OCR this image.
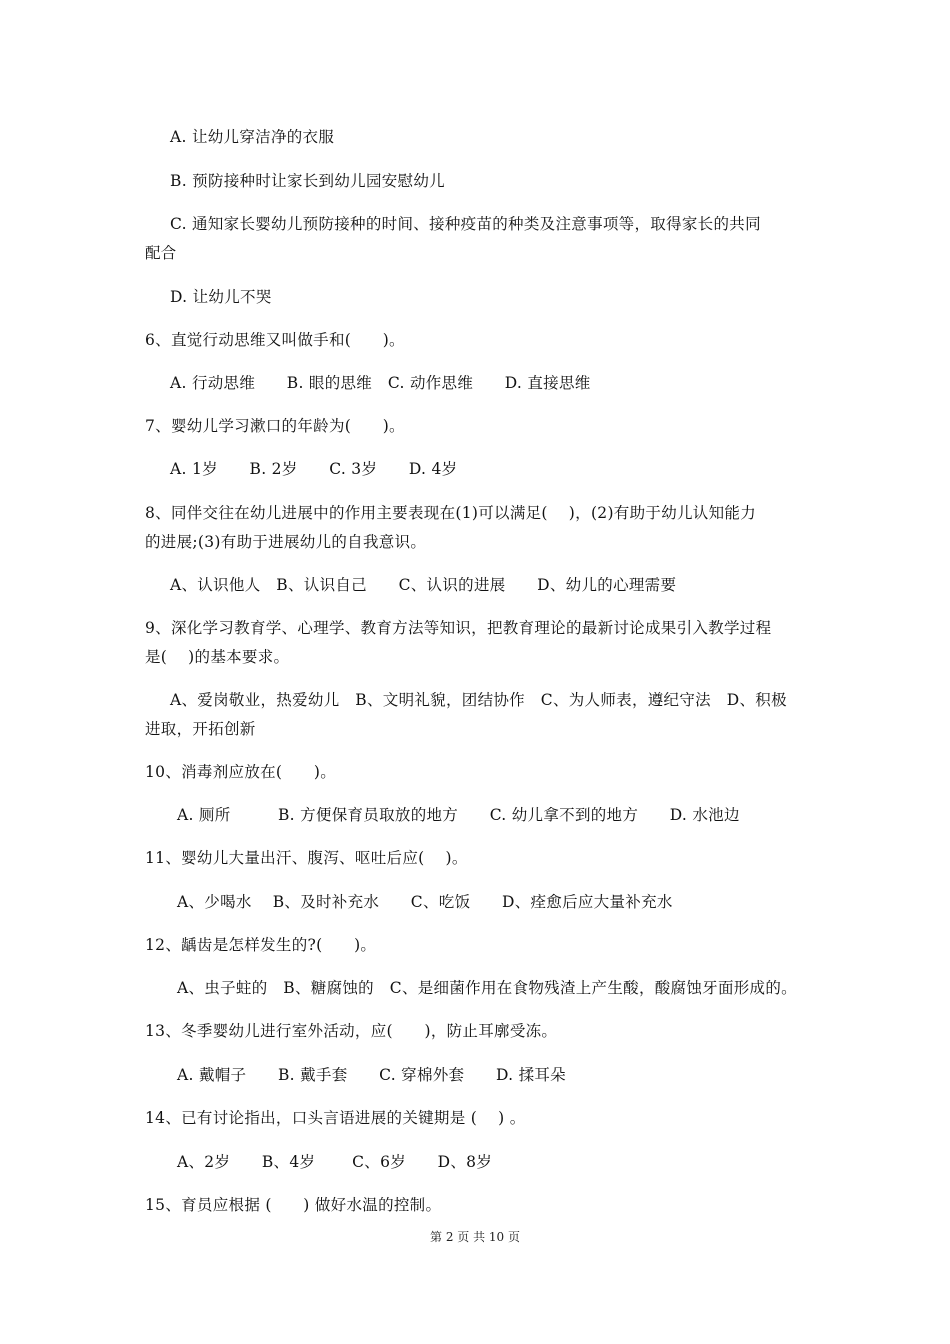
A. 让幼儿穿洁净的衣服
B. 预防接种时让家长到幼儿园安慰幼儿
C. 通知家长婴幼儿预防接种的时间、接种疫苗的种类及注意事项等，取得家长的共同
配合
D. 让幼儿不哭
6、直觉行动思维又叫做手和(　　)。
A. 行动思维　　B. 眼的思维　C. 动作思维　　D. 直接思维
7、婴幼儿学习漱口的年龄为(　　)。
A. 1岁　　B. 2岁　　C. 3岁　　D. 4岁
8、同伴交往在幼儿进展中的作用主要表现在(1)可以满足(　 )，(2)有助于幼儿认知能力
的进展;(3)有助于进展幼儿的自我意识。
A、认识他人　B、认识自己　　C、认识的进展　　D、幼儿的心理需要
9、深化学习教育学、心理学、教育方法等知识，把教育理论的最新讨论成果引入教学过程
是(　 )的基本要求。
A、爱岗敬业，热爱幼儿　B、文明礼貌，团结协作　C、为人师表，遵纪守法　D、积极
进取，开拓创新
10、消毒剂应放在(　　)。
A. 厕所　　　B. 方便保育员取放的地方　　C. 幼儿拿不到的地方　　D. 水池边
11、婴幼儿大量出汗、腹泻、呕吐后应(　 )。
A、少喝水　 B、及时补充水　　C、吃饭　　D、痊愈后应大量补充水
12、龋齿是怎样发生的?(　　)。
A、虫子蛀的　B、糖腐蚀的　C、是细菌作用在食物残渣上产生酸，酸腐蚀牙面形成的。
13、冬季婴幼儿进行室外活动，应(　　)，防止耳廓受冻。
A. 戴帽子　　B. 戴手套　　C. 穿棉外套　　D. 揉耳朵
14、已有讨论指出，口头言语进展的关键期是 (　 ) 。
A、2岁　　B、4岁　　 C、6岁　　D、8岁
15、育员应根据 (　　) 做好水温的控制。
第 2 页 共 10 页
